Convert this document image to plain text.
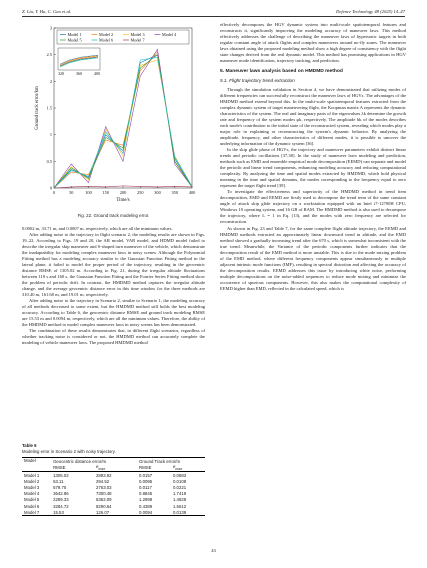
Z. Liu, Y. Hu, C. Gao et al.	Defence Technology 48 (2025) 14–47
0
0.5
1
1.5
2
2.5
3
0	50	100	150	200	250	300	350	400
Time/s
Ground track error/km
Model 1	Model 2	Model 3	Model 4
Model 5	Model 6	Model 7
320	360	400
Fig. 22. Ground track modeling error.

0.0002 m, 33.71 m, and 0.0007 m, respectively, which are all the minimum values.

After adding noise to the trajectory in flight scenario 2, the modeling results are shown in Figs. 19–22. According to Figs. 19 and 20, the AR model, VAR model, and HDMD model failed to describe the irregular skip maneuver and S-shaped turn maneuver of the vehicle, which demonstrate the inadaptability for modeling complex maneuver laws in noisy scenes. Although the Polynomial Fitting method has a modeling accuracy similar to the Gaussian Function Fitting method in the lateral plane, it failed to model the proper period of the trajectory, resulting in the geocentric distance RMSE of 1305.02 m. According to Fig. 21, during the irregular altitude fluctuations between 110 s and 160 s, the Gaussian Function Fitting and the Fourier Series Fitting method show the problem of periodic drift. In contrast, the HMDMD method captures the irregular altitude change, and the average geocentric distance error in this time window for the three methods are 310.40 m, 161.68 m, and 19.01 m, respectively.

After adding noise to the trajectory in Scenario 2, similar to Scenario 1, the modeling accuracy of all methods decreased to some extent, but the HMDMD method still holds the best modeling accuracy. According to Table 6, the geocentric distance RMSE and ground track modeling RMSE are 15.53 m and 0.0094 m, respectively, which are all the minimum values. Therefore, the ability of the HMDMD method to model complex maneuver laws in noisy scenes has been demonstrated.

The combination of these results demonstrates that, in different flight scenarios, regardless of whether tracking noise is considered or not, the HMDMD method can accurately complete the modeling of vehicle maneuver laws. The proposed HMDMD method

Table 6
Modeling error in Scenario 2 with noisy trajectory.
Model	Geocentric distance error/m		Ground Track error/m	
	RMSE	$e_{max}$	RMSE	$e_{max}$
Model 1	1305.02	2893.92	0.0157	0.0883
Model 2	63.11	294.52	0.0095	0.0109
Model 3	579.75	2763.03	0.0117	0.0221
Model 4	3642.86	7300.48	0.8845	1.7419
Model 5	2289.33	5362.09	1.2898	1.4828
Model 6	3284.72	8290.64	0.4389	1.5612
Model 7	15.53	126.07	0.0094	0.0139

effectively decomposes the HGV dynamic system into multi-scale spatiotemporal features and reconstructs it, significantly improving the modeling accuracy of maneuver laws. This method effectively addresses the challenge of describing the maneuver laws of hypersonic targets in both regular constant angle of attack flights and complex maneuvers around no-fly zones. The maneuver laws obtained using the proposed modeling method show a high degree of consistency with the flight state changes derived from the real dynamic model. This method has promising applications in HGV maneuver mode identification, trajectory tracking, and prediction.

5. Maneuver laws analysis based on HMDMD method
5.1. Flight trajectory trend extraction

Through the simulation validation in Section 4, we have demonstrated that utilizing modes of different frequencies can successfully reconstruct the maneuver laws of HGVs. The advantages of the HMDMD method extend beyond this. In the multi-scale spatiotemporal features extracted from the complex dynamic system of target maneuvering flight, the Koopman matrix A represents the dynamic characteristics of the system. The real and imaginary parts of the eigenvalues λk determine the growth rate and frequency of the system modes φk, respectively. The amplitude bk of the modes describes each mode's contribution to the initial state of the reconstructed system, revealing which modes play a major role in explaining or reconstructing the system's dynamic behavior. By analyzing the amplitude, frequency, and other characteristics of different modes, it is possible to uncover the underlying information of the dynamic system [36].

In the skip glide phase of HGVs, the trajectory and maneuver parameters exhibit distinct linear trends and periodic oscillations [37,38]. In the study of maneuver laws modeling and prediction, methods such as EMD and ensemble empirical mode decomposition (EEMD) can separate and model the periodic and linear trend components, enhancing modeling accuracy and reducing computational complexity. By analyzing the time and spatial modes extracted by HMDMD, which hold physical meaning in the time and spatial domains, the modes corresponding to the frequency equal to zero represent the target flight trend [39].

To investigate the effectiveness and superiority of the HMDMD method in trend item decomposition, EMD and EEMD are firstly used to decompose the trend term of the same constant angle of attack skip glide trajectory on a workstation equipped with an Intel i7-12700H CPU, Windows 10 operating system, and 16 GB of RAM. The HMDMD method is also used to decompose the trajectory, where L = 1 in Eq. (13), and the modes with zero frequency are selected for reconstruction.

As shown in Fig. 23 and Table 7, for the same complete flight altitude trajectory, the EEMD and HMDMD methods extracted an approximately linear downward trend in altitude, and the EMD method showed a gradually increasing trend after the 670 s, which is somewhat inconsistent with the true trend. Meanwhile, the Variance of the periodic components further indicates that the decomposition result of the EMD method is more unstable. This is due to the mode mixing problem of the EMD method, where different frequency components appear simultaneously in multiple adjacent intrinsic mode functions (IMF), resulting in spectral distortion and affecting the accuracy of the decomposition results. EEMD addresses this issue by introducing white noise, performing multiple decompositions on the noise-added sequences to reduce mode mixing and minimize the occurrence of spurious components. However, this also makes the computational complexity of EEMD higher than EMD, reflected in the calculated speed, which is

43
